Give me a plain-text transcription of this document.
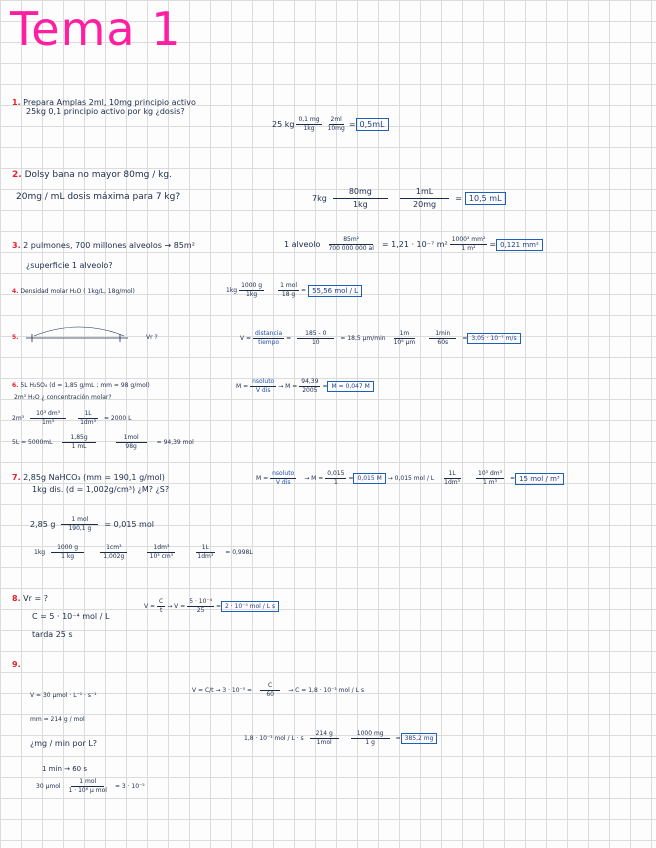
Tema 1
1. Prepara Amplas 2ml, 10mg principio activo
25kg 0,1 principio activo por kg ¿dosis?
25 kg $\frac{0,1 mg}{1kg} \frac{2ml}{10mg} = 0,5mL$
2. Dolsy bana no mayor 80mg / kg.
20mg / mL dosis máxima para 7 kg?	$7kg \frac{80mg}{1kg} \frac{1mL}{20mg} = 10,5$ mL
3. 2 pulmones, 700 millones alveolos → 85m²
¿superficie 1 alveolo?
1 alveolo $\frac{\text{85m²}}{700 000 000 al} = 1,21 \cdot 10^{-7}$ $m^2 \frac{\text{1000² mm²}}{\text{1 m²}} = 0,121$ mm²
4. Densidad molar H₂O ( 1kg/L, 18g/mol)	$1kg \frac{1000 g}{1kg} \frac{\text{1 mol}}{18 g} = 55,56$ mol / L
5.	Vr ?	$V = \frac{\text{distancia}}{\text{tiempo}} = \frac{185 - 0}{10} = 18,5$ $\mu m/\min \frac{1m}{\text{10⁶ μm}} \frac{1\min}{60s} = 3,05 \cdot 10^{-7}$ m/s
6. 5L H₂SO₄ (d = 1,85 g/mL ; mm = 98 g/mol)
2m³ H₂O ¿ concentración molar?
$M = \frac{\text{nsoluto}}{\text{V dis}} \to M = \frac{94,39}{2005} = M = 0,047$ M
$2m^3 \frac{\text{10³ dm³}}{\text{1m³}} \frac{1L}{\text{1dm³}} = 2000$ L
$5L = 5000mL \frac{1,85g}{1 mL}$	$\frac{\text{1mol}}{98g} = 94,39$ mol
7. 2,85g NaHCO₃ (mm = 190,1 g/mol)
1kg dis. (d = 1,002g/cm³) ¿M? ¿S?
$M = \frac{\text{nsoluto}}{\text{V dis}} \to M = \frac{0,015}{1} = 0,015$ M	→ 0,015 mol / L $\frac{1L}{\text{1dm³}} \frac{\text{10³ dm³}}{\text{1 m³}} = 15$ mol / m³
2,85 g $\frac{\text{1 mol}}{190,1 g} = 0,015$ mol
$1kg \frac{1000 g}{1 kg}$	$\frac{\text{1cm³}}{1,002g}$	$\frac{\text{1dm³}}{\text{10³ cm³}}$	$\frac{1L}{\text{1dm³}} = 0,998L$
8. Vr = ?
C = 5 · 10⁻⁴ mol / L
tarda 25 s
$V = \frac{C}{t} \to V = \frac{\text{5 · 10⁻⁴}}{25} = 2 \cdot 10^{-5}$ mol / L s
9.
V = 30 μmol · L⁻¹ · s⁻¹
mm = 214 g / mol
¿mg / min por L?
1 min → 60 s
30 μmol $\frac{\text{1 mol}}{\text{1 · 10⁶ μ mol}} = 3 \cdot 10^{-5}$
$V = C/t \to 3 \cdot 10^{-5} = \frac{C}{60} \to C = 1,8 \cdot 10^{-3}$ mol / L s
1,8 · 10⁻³ mol / L · s $\frac{214 g}{\text{1mol}} \frac{1000 mg}{1 g} = 385,2$ mg
